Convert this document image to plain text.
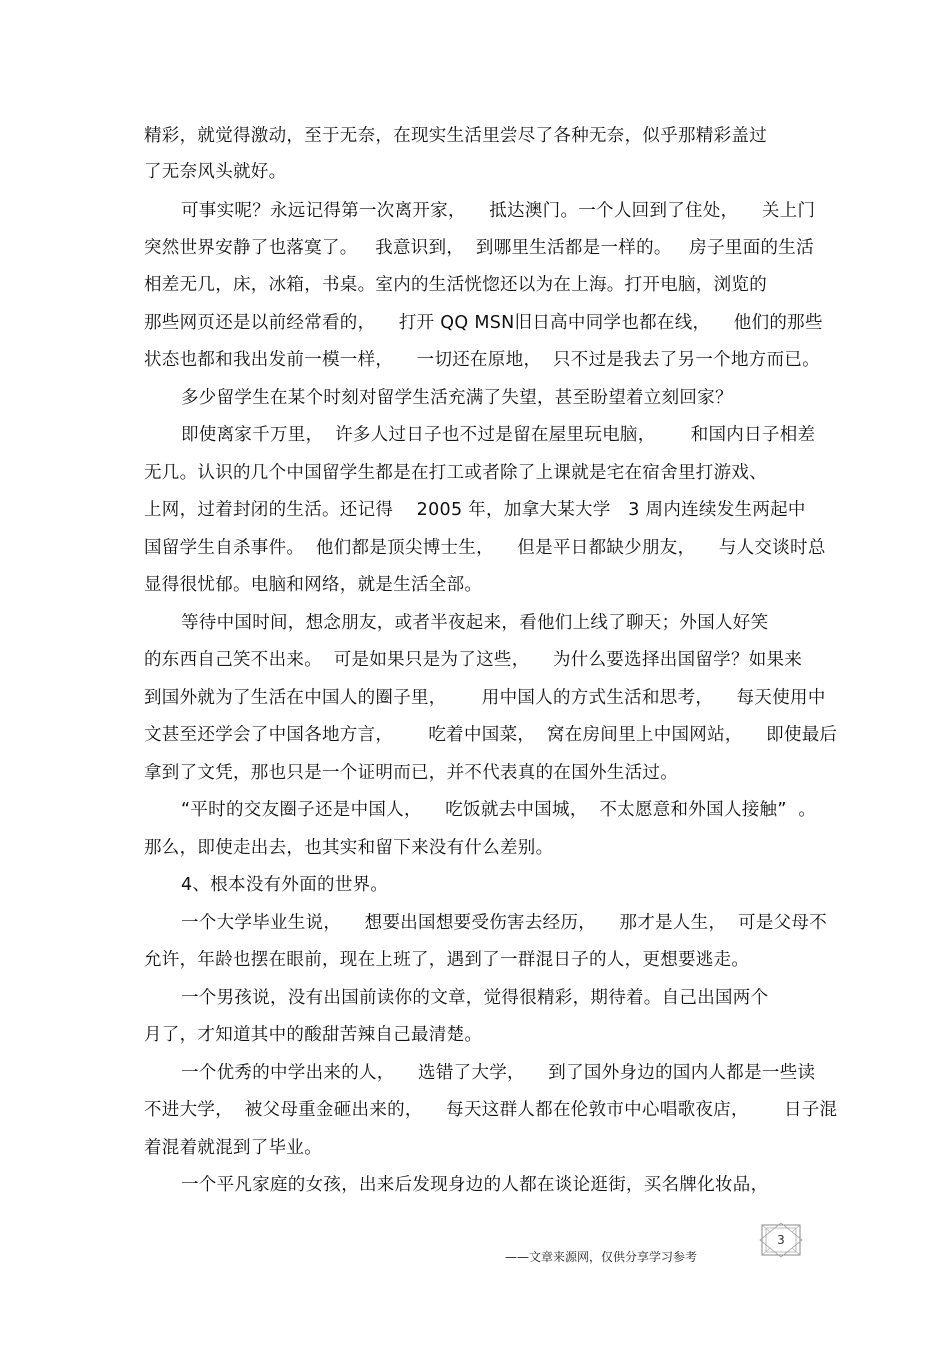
精彩，就觉得激动，至于无奈，在现实生活里尝尽了各种无奈，似乎那精彩盖过
了无奈风头就好。
可事实呢？永远记得第一次离开家，    抵达澳门。一个人回到了住处，    关上门
突然世界安静了也落寞了。   我意识到，  到哪里生活都是一样的。   房子里面的生活
相差无几，床，冰箱，书桌。室内的生活恍惚还以为在上海。打开电脑，浏览的
那些网页还是以前经常看的，    打开 QQ MSN旧日高中同学也都在线，    他们的那些
状态也都和我出发前一模一样，    一切还在原地，  只不过是我去了另一个地方而已。
多少留学生在某个时刻对留学生活充满了失望，甚至盼望着立刻回家？
即使离家千万里，  许多人过日子也不过是留在屋里玩电脑，      和国内日子相差
无几。认识的几个中国留学生都是在打工或者除了上课就是宅在宿舍里打游戏、
上网，过着封闭的生活。还记得    2005 年，加拿大某大学   3 周内连续发生两起中
国留学生自杀事件。  他们都是顶尖博士生，    但是平日都缺少朋友，    与人交谈时总
显得很忧郁。电脑和网络，就是生活全部。
等待中国时间，想念朋友，或者半夜起来，看他们上线了聊天；外国人好笑
的东西自己笑不出来。  可是如果只是为了这些，    为什么要选择出国留学？如果来
到国外就为了生活在中国人的圈子里，      用中国人的方式生活和思考，    每天使用中
文甚至还学会了中国各地方言，      吃着中国菜，  窝在房间里上中国网站，    即使最后
拿到了文凭，那也只是一个证明而已，并不代表真的在国外生活过。
“平时的交友圈子还是中国人，    吃饭就去中国城，  不太愿意和外国人接触”  。
那么，即使走出去，也其实和留下来没有什么差别。
4、根本没有外面的世界。
一个大学毕业生说，    想要出国想要受伤害去经历，    那才是人生，  可是父母不
允许，年龄也摆在眼前，现在上班了，遇到了一群混日子的人，更想要逃走。
一个男孩说，没有出国前读你的文章，觉得很精彩，期待着。自己出国两个
月了，才知道其中的酸甜苦辣自己最清楚。
一个优秀的中学出来的人，    选错了大学，    到了国外身边的国内人都是一些读
不进大学，  被父母重金砸出来的，    每天这群人都在伦敦市中心唱歌夜店，      日子混
着混着就混到了毕业。
一个平凡家庭的女孩，出来后发现身边的人都在谈论逛街，买名牌化妆品，
3
——文章来源网，仅供分享学习参考
